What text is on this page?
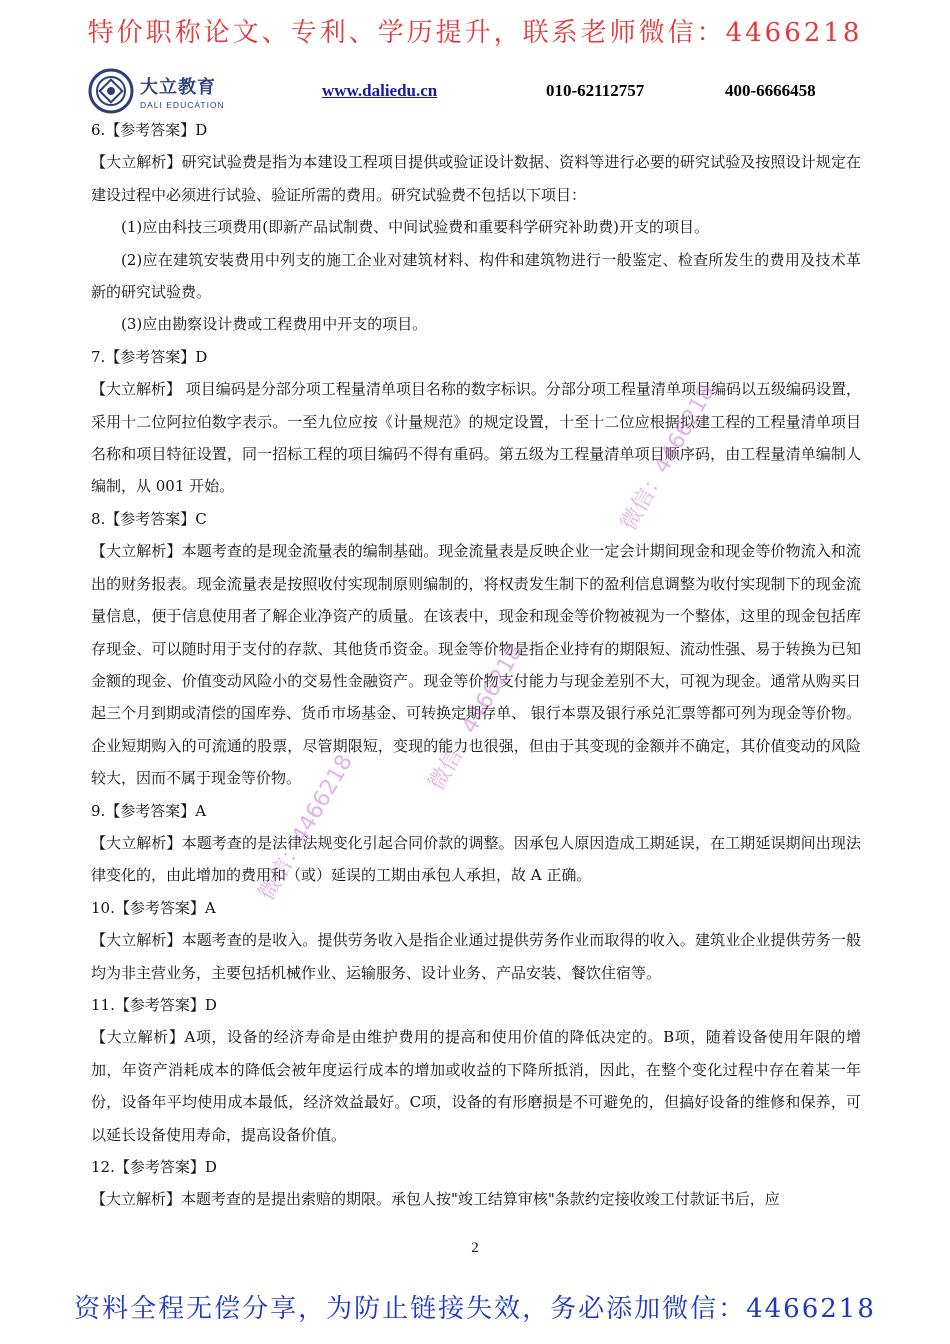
特价职称论文、专利、学历提升，联系老师微信：4466218
大立教育
DALI EDUCATION
www.daliedu.cn	010-62112757	400-6666458

6.【参考答案】D

【大立解析】研究试验费是指为本建设工程项目提供或验证设计数据、资料等进行必要的研究试验及按照设计规定在建设过程中必须进行试验、验证所需的费用。研究试验费不包括以下项目：

(1)应由科技三项费用(即新产品试制费、中间试验费和重要科学研究补助费)开支的项目。

(2)应在建筑安装费用中列支的施工企业对建筑材料、构件和建筑物进行一般鉴定、检查所发生的费用及技术革新的研究试验费。

(3)应由勘察设计费或工程费用中开支的项目。

7.【参考答案】D

【大立解析】 项目编码是分部分项工程量清单项目名称的数字标识。分部分项工程量清单项目编码以五级编码设置，采用十二位阿拉伯数字表示。一至九位应按《计量规范》的规定设置，十至十二位应根据拟建工程的工程量清单项目名称和项目特征设置，同一招标工程的项目编码不得有重码。第五级为工程量清单项目顺序码，由工程量清单编制人编制，从 001 开始。

8.【参考答案】C

【大立解析】本题考查的是现金流量表的编制基础。现金流量表是反映企业一定会计期间现金和现金等价物流入和流出的财务报表。现金流量表是按照收付实现制原则编制的，将权责发生制下的盈利信息调整为收付实现制下的现金流量信息，便于信息使用者了解企业净资产的质量。在该表中，现金和现金等价物被视为一个整体，这里的现金包括库存现金、可以随时用于支付的存款、其他货币资金。现金等价物是指企业持有的期限短、流动性强、易于转换为已知金额的现金、价值变动风险小的交易性金融资产。现金等价物支付能力与现金差别不大，可视为现金。通常从购买日起三个月到期或清偿的国库券、货币市场基金、可转换定期存单、 银行本票及银行承兑汇票等都可列为现金等价物。企业短期购入的可流通的股票，尽管期限短，变现的能力也很强，但由于其变现的金额并不确定，其价值变动的风险较大，因而不属于现金等价物。

9.【参考答案】A

【大立解析】本题考查的是法律法规变化引起合同价款的调整。因承包人原因造成工期延误，在工期延误期间出现法律变化的，由此增加的费用和（或）延误的工期由承包人承担，故 A 正确。

10.【参考答案】A

【大立解析】本题考查的是收入。提供劳务收入是指企业通过提供劳务作业而取得的收入。建筑业企业提供劳务一般均为非主营业务，主要包括机械作业、运输服务、设计业务、产品安装、餐饮住宿等。

11.【参考答案】D

【大立解析】A项，设备的经济寿命是由维护费用的提高和使用价值的降低决定的。B项，随着设备使用年限的增加，年资产消耗成本的降低会被年度运行成本的增加或收益的下降所抵消，因此，在整个变化过程中存在着某一年份，设备年平均使用成本最低，经济效益最好。C项，设备的有形磨损是不可避免的，但搞好设备的维修和保养，可以延长设备使用寿命，提高设备价值。

12.【参考答案】D

【大立解析】本题考查的是提出索赔的期限。承包人按"竣工结算审核"条款约定接收竣工付款证书后，应

微信：4466218
微信：4466218
微信：4466218
2
资料全程无偿分享，为防止链接失效，务必添加微信：4466218
